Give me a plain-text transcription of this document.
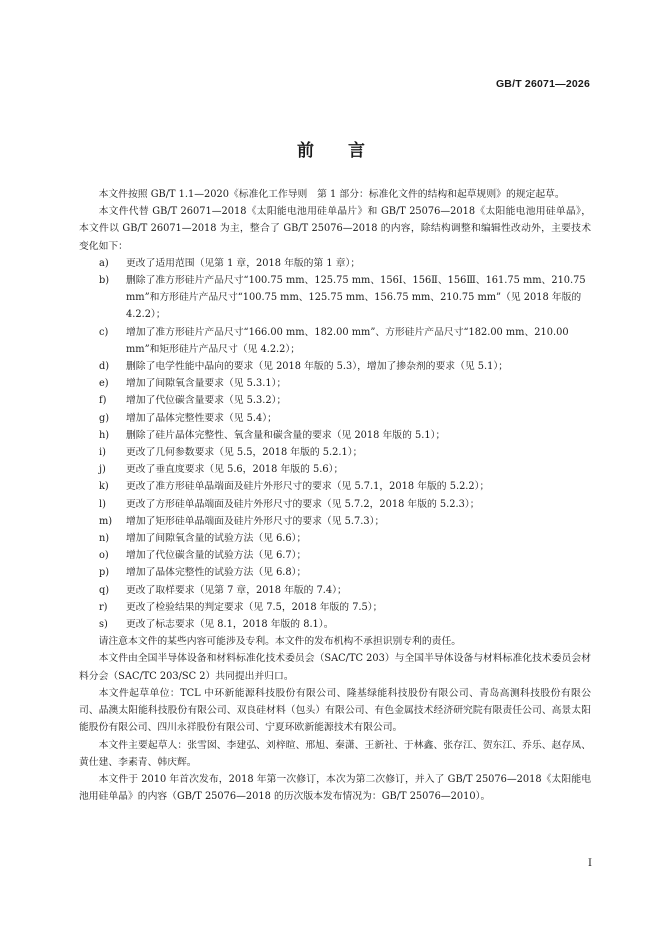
GB/T 26071—2026
前言

本文件按照 GB/T 1.1—2020《标准化工作导则　第 1 部分：标准化文件的结构和起草规则》的规定起草。

本文件代替 GB/T 26071—2018《太阳能电池用硅单晶片》和 GB/T 25076—2018《太阳能电池用硅单晶》，本文件以 GB/T 26071—2018 为主，整合了 GB/T 25076—2018 的内容，除结构调整和编辑性改动外，主要技术变化如下：

a)	更改了适用范围（见第 1 章，2018 年版的第 1 章）；
b)	删除了准方形硅片产品尺寸“100.75 mm、125.75 mm、156Ⅰ、156Ⅱ、156Ⅲ、161.75 mm、210.75 mm”和方形硅片产品尺寸“100.75 mm、125.75 mm、156.75 mm、210.75 mm”（见 2018 年版的 4.2.2）；
c)	增加了准方形硅片产品尺寸“166.00 mm、182.00 mm”、方形硅片产品尺寸“182.00 mm、210.00 mm”和矩形硅片产品尺寸（见 4.2.2）；
d)	删除了电学性能中晶向的要求（见 2018 年版的 5.3），增加了掺杂剂的要求（见 5.1）；
e)	增加了间隙氧含量要求（见 5.3.1）；
f)	增加了代位碳含量要求（见 5.3.2）；
g)	增加了晶体完整性要求（见 5.4）；
h)	删除了硅片晶体完整性、氧含量和碳含量的要求（见 2018 年版的 5.1）；
i)	更改了几何参数要求（见 5.5，2018 年版的 5.2.1）；
j)	更改了垂直度要求（见 5.6，2018 年版的 5.6）；
k)	更改了准方形硅单晶端面及硅片外形尺寸的要求（见 5.7.1，2018 年版的 5.2.2）；
l)	更改了方形硅单晶端面及硅片外形尺寸的要求（见 5.7.2，2018 年版的 5.2.3）；
m)	增加了矩形硅单晶端面及硅片外形尺寸的要求（见 5.7.3）；
n)	增加了间隙氧含量的试验方法（见 6.6）；
o)	增加了代位碳含量的试验方法（见 6.7）；
p)	增加了晶体完整性的试验方法（见 6.8）；
q)	更改了取样要求（见第 7 章，2018 年版的 7.4）；
r)	更改了检验结果的判定要求（见 7.5，2018 年版的 7.5）；
s)	更改了标志要求（见 8.1，2018 年版的 8.1）。

请注意本文件的某些内容可能涉及专利。本文件的发布机构不承担识别专利的责任。

本文件由全国半导体设备和材料标准化技术委员会（SAC/TC 203）与全国半导体设备与材料标准化技术委员会材料分会（SAC/TC 203/SC 2）共同提出并归口。

本文件起草单位：TCL 中环新能源科技股份有限公司、隆基绿能科技股份有限公司、青岛高测科技股份有限公司、晶澳太阳能科技股份有限公司、双良硅材料（包头）有限公司、有色金属技术经济研究院有限责任公司、高景太阳能股份有限公司、四川永祥股份有限公司、宁夏环欧新能源技术有限公司。

本文件主要起草人：张雪囡、李建弘、刘梓暄、邢旭、秦潇、王新社、于林鑫、张存江、贺东江、乔乐、赵存凤、黄仕建、李素青、韩庆辉。

本文件于 2010 年首次发布，2018 年第一次修订，本次为第二次修订，并入了 GB/T 25076—2018《太阳能电池用硅单晶》的内容（GB/T 25076—2018 的历次版本发布情况为：GB/T 25076—2010）。

I
